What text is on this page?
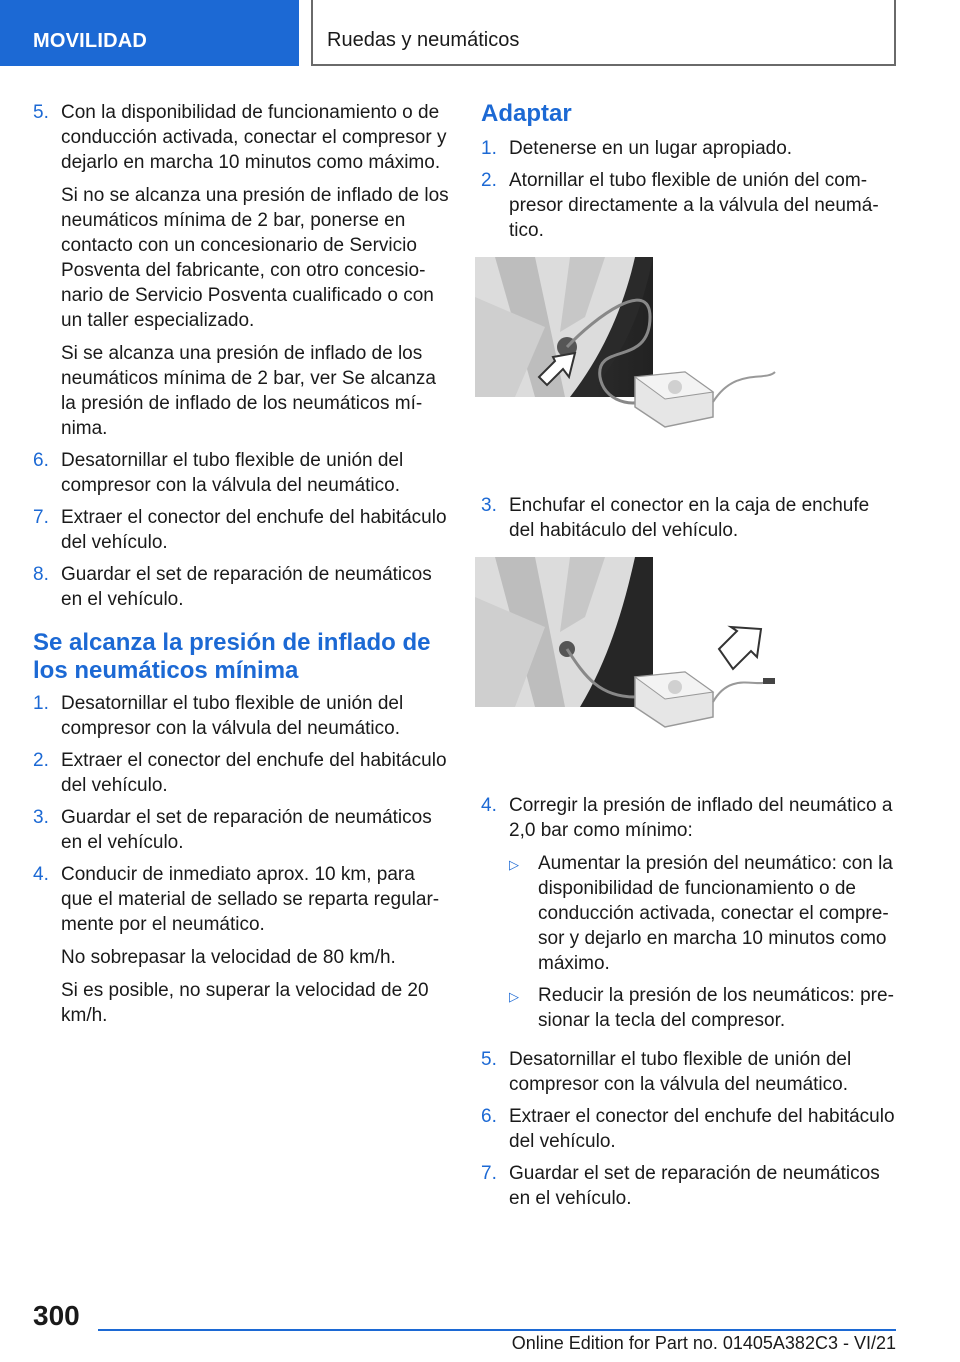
MOVILIDAD	Ruedas y neumáticos
5. Con la disponibilidad de funcionamiento o de conducción activada, conectar el compresor y dejarlo en marcha 10 minutos como máximo.

Si no se alcanza una presión de inflado de los neumáticos mínima de 2 bar, ponerse en contacto con un concesionario de Servicio Posventa del fabricante, con otro concesionario de Servicio Posventa cualificado o con un taller especializado.

Si se alcanza una presión de inflado de los neumáticos mínima de 2 bar, ver Se alcanza la presión de inflado de los neumáticos mínima.

6. Desatornillar el tubo flexible de unión del compresor con la válvula del neumático.

7. Extraer el conector del enchufe del habitáculo del vehículo.

8. Guardar el set de reparación de neumáticos en el vehículo.

Se alcanza la presión de inflado de los neumáticos mínima
1. Desatornillar el tubo flexible de unión del compresor con la válvula del neumático.

2. Extraer el conector del enchufe del habitáculo del vehículo.

3. Guardar el set de reparación de neumáticos en el vehículo.

4. Conducir de inmediato aprox. 10 km, para que el material de sellado se reparta regularmente por el neumático.

No sobrepasar la velocidad de 80 km/h.

Si es posible, no superar la velocidad de 20 km/h.

Adaptar
1. Detenerse en un lugar apropiado.

2. Atornillar el tubo flexible de unión del compresor directamente a la válvula del neumático.

3. Enchufar el conector en la caja de enchufe del habitáculo del vehículo.

4. Corregir la presión de inflado del neumático a 2,0 bar como mínimo:

▷	Aumentar la presión del neumático: con la disponibilidad de funcionamiento o de conducción activada, conectar el compresor y dejarlo en marcha 10 minutos como máximo.
▷	Reducir la presión de los neumáticos: presionar la tecla del compresor.
5. Desatornillar el tubo flexible de unión del compresor con la válvula del neumático.

6. Extraer el conector del enchufe del habitáculo del vehículo.

7. Guardar el set de reparación de neumáticos en el vehículo.

300
Online Edition for Part no. 01405A382C3 - VI/21
